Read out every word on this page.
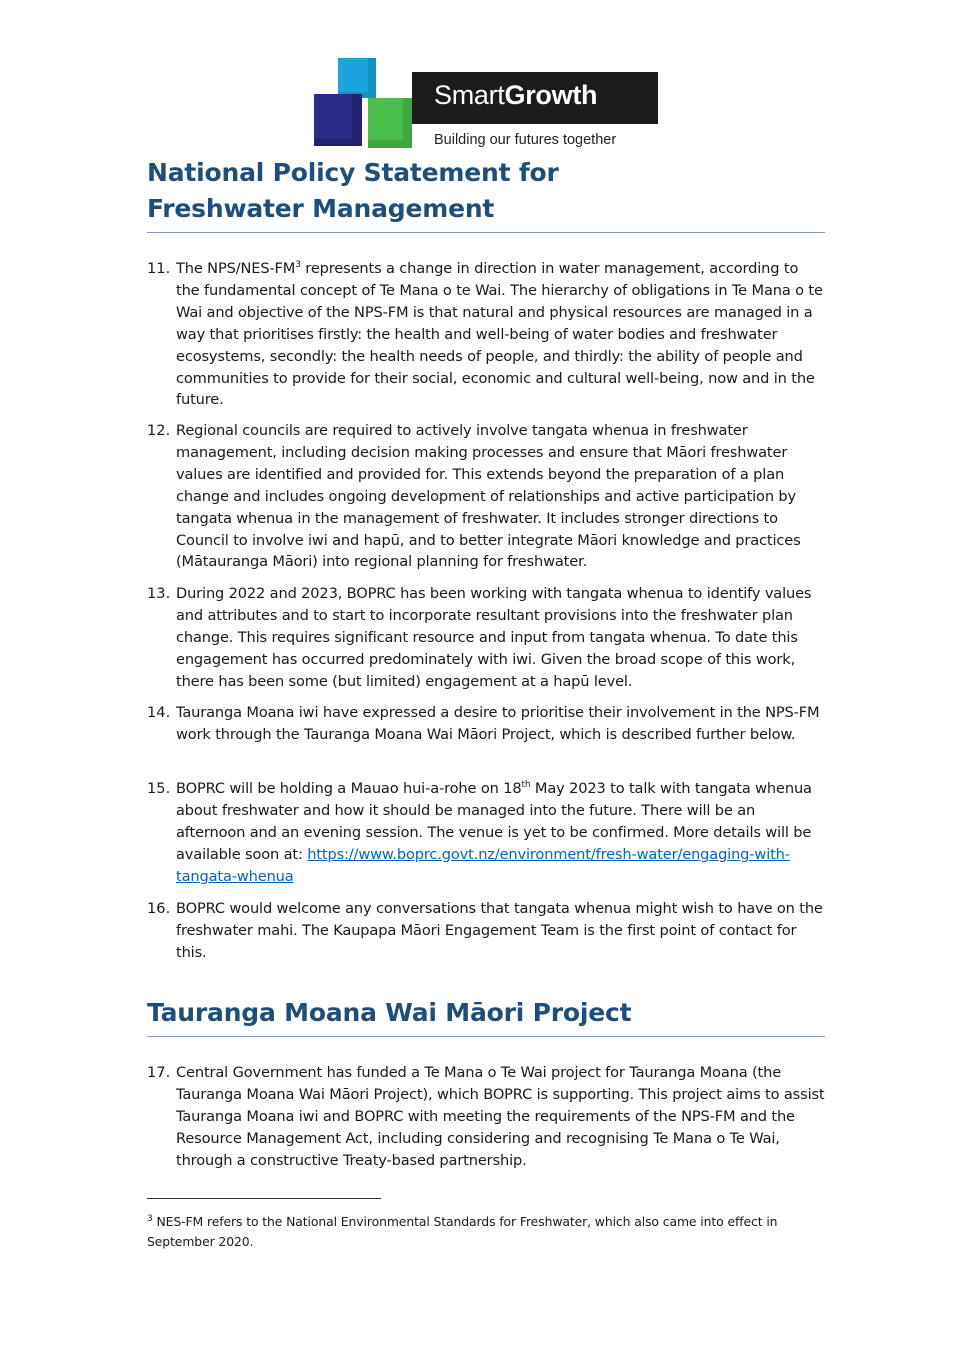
SmartGrowth
Building our futures together
National Policy Statement for Freshwater Management
11. The NPS/$NES-FM^3$ represents a change in direction in water management, according to the fundamental concept of Te Mana o te Wai. The hierarchy of obligations in Te Mana o te Wai and objective of the NPS-FM is that natural and physical resources are managed in a way that prioritises firstly: the health and well-being of water bodies and freshwater ecosystems, secondly: the health needs of people, and thirdly: the ability of people and communities to provide for their social, economic and cultural well-being, now and in the future.
12. Regional councils are required to actively involve tangata whenua in freshwater management, including decision making processes and ensure that Māori freshwater values are identified and provided for. This extends beyond the preparation of a plan change and includes ongoing development of relationships and active participation by tangata whenua in the management of freshwater. It includes stronger directions to Council to involve iwi and hapū, and to better integrate Māori knowledge and practices (Mātauranga Māori) into regional planning for freshwater.
13. During 2022 and 2023, BOPRC has been working with tangata whenua to identify values and attributes and to start to incorporate resultant provisions into the freshwater plan change. This requires significant resource and input from tangata whenua. To date this engagement has occurred predominately with iwi. Given the broad scope of this work, there has been some (but limited) engagement at a hapū level.
14. Tauranga Moana iwi have expressed a desire to prioritise their involvement in the NPS-FM work through the Tauranga Moana Wai Māori Project, which is described further below.
15. BOPRC will be holding a Mauao hui-a-rohe on 18th May 2023 to talk with tangata whenua about freshwater and how it should be managed into the future. There will be an afternoon and an evening session. The venue is yet to be confirmed. More details will be available soon at: https://www.boprc.govt.nz/environment/fresh-water/engaging-with-tangata-whenua
16. BOPRC would welcome any conversations that tangata whenua might wish to have on the freshwater mahi. The Kaupapa Māori Engagement Team is the first point of contact for this.
Tauranga Moana Wai Māori Project
17. Central Government has funded a Te Mana o Te Wai project for Tauranga Moana (the Tauranga Moana Wai Māori Project), which BOPRC is supporting. This project aims to assist Tauranga Moana iwi and BOPRC with meeting the requirements of the NPS-FM and the Resource Management Act, including considering and recognising Te Mana o Te Wai, through a constructive Treaty-based partnership.
$^3$ NES-FM refers to the National Environmental Standards for Freshwater, which also came into effect in September 2020.
